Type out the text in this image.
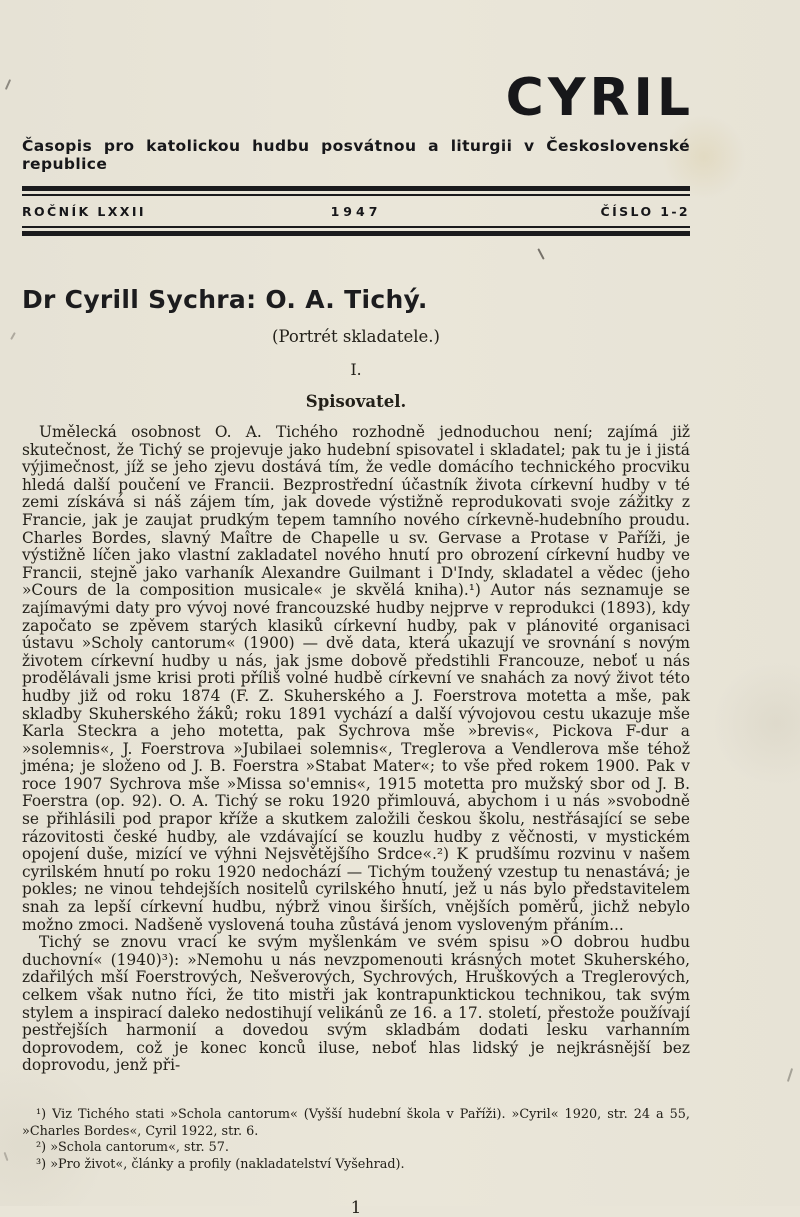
CYRIL
Časopis pro katolickou hudbu posvátnou a liturgii v Československé republice
ROČNÍK LXXII	1947	ČÍSLO 1-2
Dr Cyrill Sychra: O. A. Tichý.
(Portrét skladatele.)
I.
Spisovatel.

Umělecká osobnost O. A. Tichého rozhodně jednoduchou není; zajímá již skutečnost, že Tichý se projevuje jako hudební spisovatel i skladatel; pak tu je i jistá výjimečnost, jíž se jeho zjevu dostává tím, že vedle domácího technického procviku hledá další poučení ve Francii. Bezprostřední účastník života církevní hudby v té zemi získává si náš zájem tím, jak dovede výstižně reprodukovati svoje zážitky z Francie, jak je zaujat prudkým tepem tamního nového církevně-hudebního proudu. Charles Bordes, slavný Maître de Chapelle u sv. Gervase a Protase v Paříži, je výstižně líčen jako vlastní zakladatel nového hnutí pro obrození církevní hudby ve Francii, stejně jako varhaník Alexandre Guilmant i D'Indy, skladatel a vědec (jeho »Cours de la composition musicale« je skvělá kniha).¹) Autor nás seznamuje se zajímavými daty pro vývoj nové francouzské hudby nejprve v reprodukci (1893), kdy započato se zpěvem starých klasiků církevní hudby, pak v plánovité organisaci ústavu »Scholy cantorum« (1900) — dvě data, která ukazují ve srovnání s novým životem církevní hudby u nás, jak jsme dobově předstihli Francouze, neboť u nás prodělávali jsme krisi proti příliš volné hudbě církevní ve snahách za nový život této hudby již od roku 1874 (F. Z. Skuherského a J. Foerstrova motetta a mše, pak skladby Skuherského žáků; roku 1891 vychází a další vývojovou cestu ukazuje mše Karla Steckra a jeho motetta, pak Sychrova mše »brevis«, Pickova F-dur a »solemnis«, J. Foerstrova »Jubilaei solemnis«, Treglerova a Vendlerova mše téhož jména; je složeno od J. B. Foerstra »Stabat Mater«; to vše před rokem 1900. Pak v roce 1907 Sychrova mše »Missa so'emnis«, 1915 motetta pro mužský sbor od J. B. Foerstra (op. 92). O. A. Tichý se roku 1920 přimlouvá, abychom i u nás »svobodně se přihlásili pod prapor kříže a skutkem založili českou školu, nestřásající se sebe rázovitosti české hudby, ale vzdávající se kouzlu hudby z věčnosti, v mystickém opojení duše, mizící ve výhni Nejsvětějšího Srdce«.²) K prudšímu rozvinu v našem cyrilském hnutí po roku 1920 nedochází — Tichým toužený vzestup tu nenastává; je pokles; ne vinou tehdejších nositelů cyrilského hnutí, jež u nás bylo představitelem snah za lepší církevní hudbu, nýbrž vinou širších, vnějších poměrů, jichž nebylo možno zmoci. Nadšeně vyslovená touha zůstává jenom vysloveným přáním...

Tichý se znovu vrací ke svým myšlenkám ve svém spisu »O dobrou hudbu duchovní« (1940)³): »Nemohu u nás nevzpomenouti krásných motet Skuherského, zdařilých mší Foerstrových, Nešverových, Sychrových, Hruškových a Treglerových, celkem však nutno říci, že tito mistři jak kontrapunktickou technikou, tak svým stylem a inspirací daleko nedostihují velikánů ze 16. a 17. století, přestože používají pestřejších harmonií a dovedou svým skladbám dodati lesku varhanním doprovodem, což je konec konců iluse, neboť hlas lidský je nejkrásnější bez doprovodu, jenž při-

¹) Viz Tichého stati »Schola cantorum« (Vyšší hudební škola v Paříži). »Cyril« 1920, str. 24 a 55, »Charles Bordes«, Cyril 1922, str. 6.

²) »Schola cantorum«, str. 57.

³) »Pro život«, články a profily (nakladatelství Vyšehrad).

1
